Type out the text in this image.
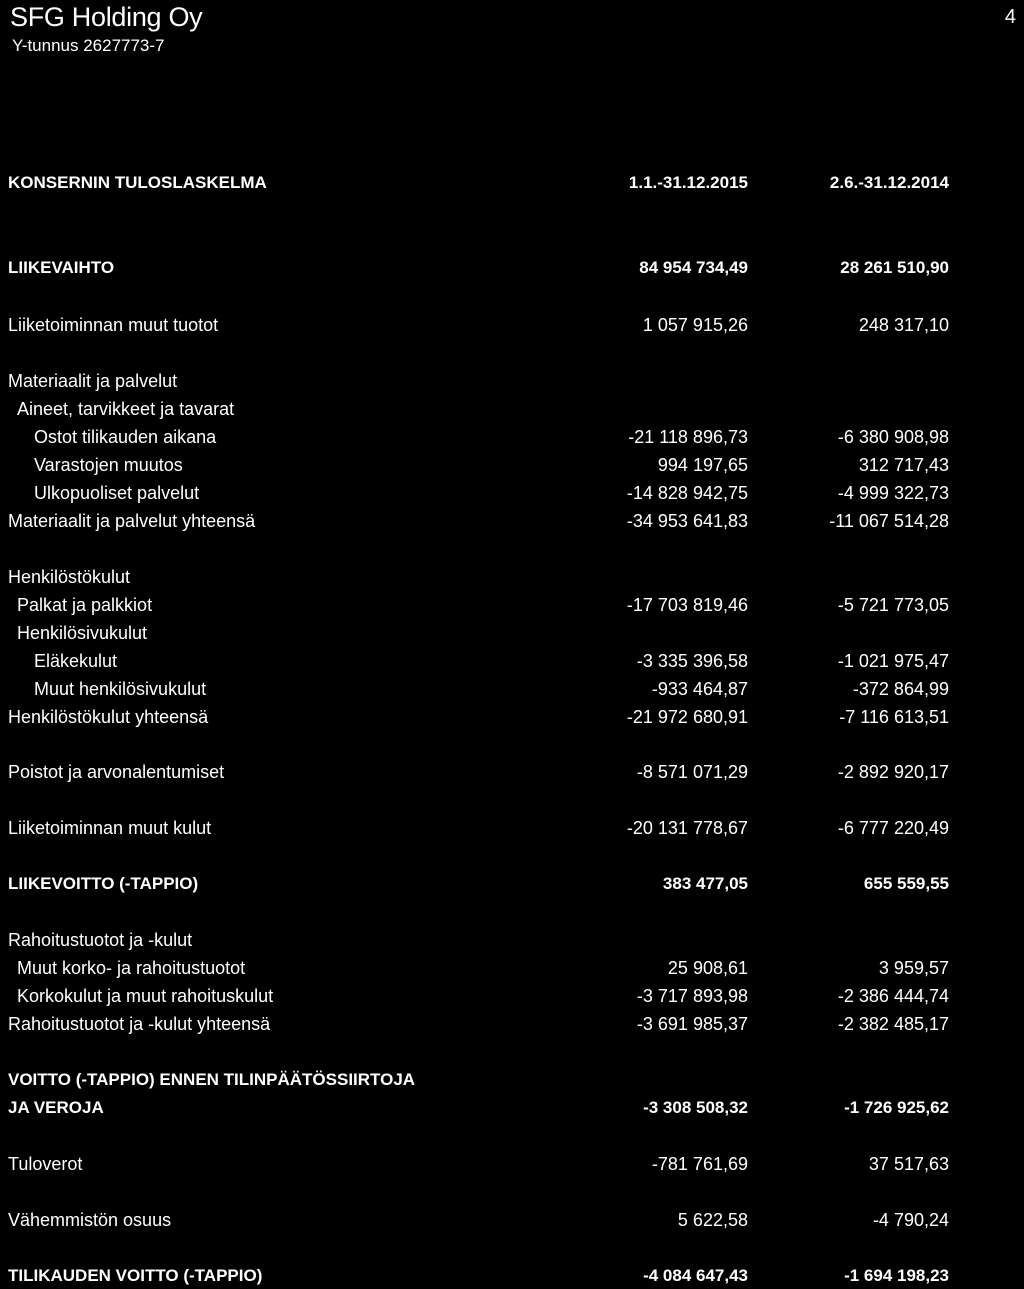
SFG Holding Oy
Y-tunnus 2627773-7
4
KONSERNIN TULOSLASKELMA	1.1.-31.12.2015	2.6.-31.12.2014
LIIKEVAIHTO	84 954 734,49	28 261 510,90
Liiketoiminnan muut tuotot	1 057 915,26	248 317,10
Materiaalit ja palvelut
Aineet, tarvikkeet ja tavarat
Ostot tilikauden aikana	-21 118 896,73	-6 380 908,98
Varastojen muutos	994 197,65	312 717,43
Ulkopuoliset palvelut	-14 828 942,75	-4 999 322,73
Materiaalit ja palvelut yhteensä	-34 953 641,83	-11 067 514,28
Henkilöstökulut
Palkat ja palkkiot	-17 703 819,46	-5 721 773,05
Henkilösivukulut
Eläkekulut	-3 335 396,58	-1 021 975,47
Muut henkilösivukulut	-933 464,87	-372 864,99
Henkilöstökulut yhteensä	-21 972 680,91	-7 116 613,51
Poistot ja arvonalentumiset	-8 571 071,29	-2 892 920,17
Liiketoiminnan muut kulut	-20 131 778,67	-6 777 220,49
LIIKEVOITTO (-TAPPIO)	383 477,05	655 559,55
Rahoitustuotot ja -kulut
Muut korko- ja rahoitustuotot	25 908,61	3 959,57
Korkokulut ja muut rahoituskulut	-3 717 893,98	-2 386 444,74
Rahoitustuotot ja -kulut yhteensä	-3 691 985,37	-2 382 485,17
VOITTO (-TAPPIO) ENNEN TILINPÄÄTÖSSIIRTOJA
JA VEROJA	-3 308 508,32	-1 726 925,62
Tuloverot	-781 761,69	37 517,63
Vähemmistön osuus	5 622,58	-4 790,24
TILIKAUDEN VOITTO (-TAPPIO)	-4 084 647,43	-1 694 198,23
